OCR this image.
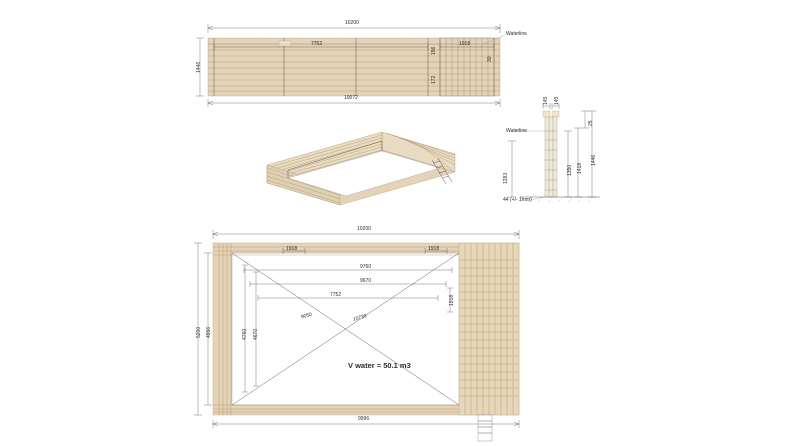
10200
10072
1446
7752	1918
Waterline
156
172
30
145 145
25
1418
1446
1350
1283
Waterline
44 (+/- 1mm)
10200
9996
5200 4996
9760
9670
7752
4760 4670
9050	10739
1918	1918
1918
V water = 50.1 m3
